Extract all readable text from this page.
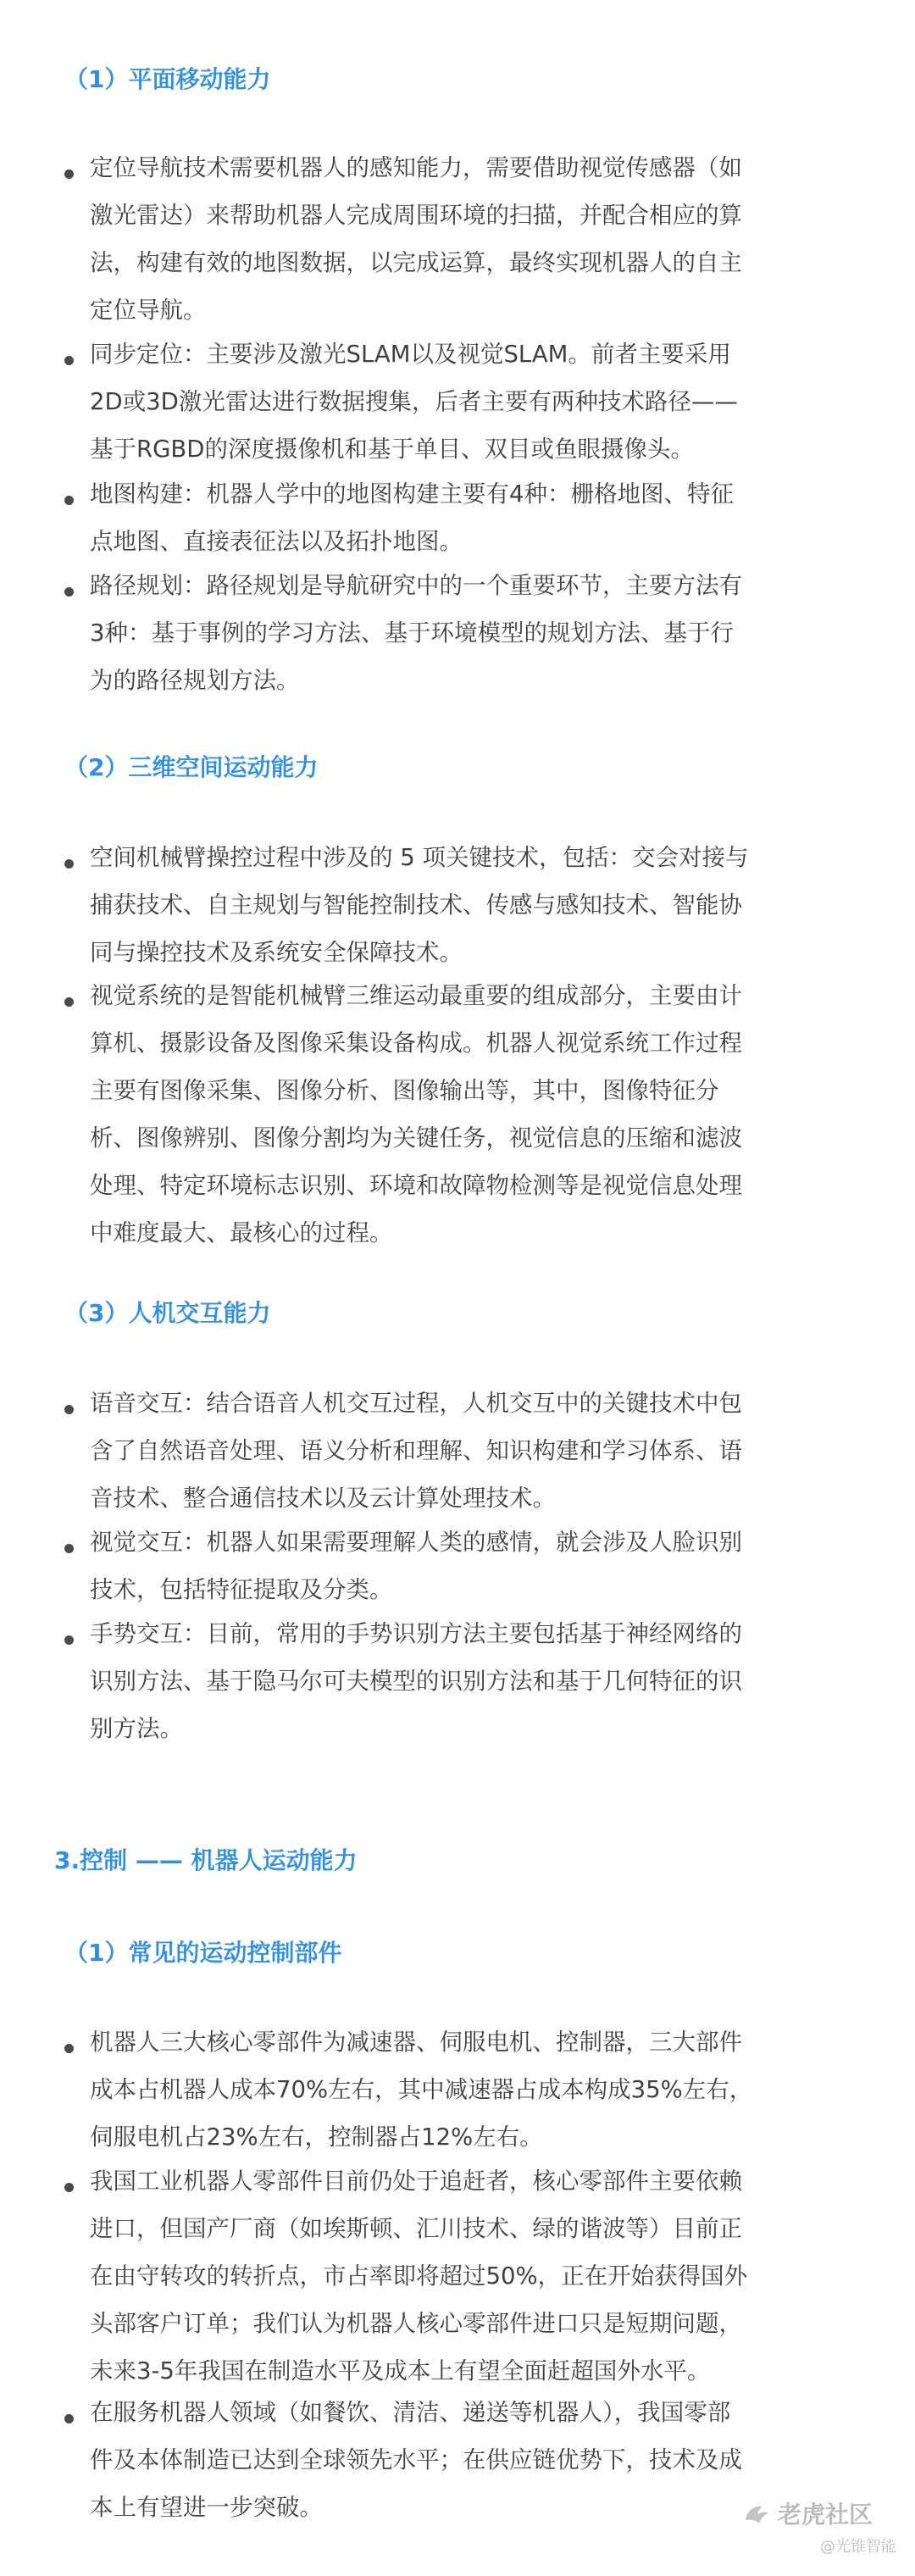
（1）平面移动能力
定位导航技术需要机器人的感知能力，需要借助视觉传感器（如
激光雷达）来帮助机器人完成周围环境的扫描，并配合相应的算
法，构建有效的地图数据，以完成运算，最终实现机器人的自主
定位导航。
同步定位：主要涉及激光SLAM以及视觉SLAM。前者主要采用
2D或3D激光雷达进行数据搜集，后者主要有两种技术路径——
基于RGBD的深度摄像机和基于单目、双目或鱼眼摄像头。
地图构建：机器人学中的地图构建主要有4种：栅格地图、特征
点地图、直接表征法以及拓扑地图。
路径规划：路径规划是导航研究中的一个重要环节，主要方法有
3种：基于事例的学习方法、基于环境模型的规划方法、基于行
为的路径规划方法。
（2）三维空间运动能力
空间机械臂操控过程中涉及的 5 项关键技术，包括：交会对接与
捕获技术、自主规划与智能控制技术、传感与感知技术、智能协
同与操控技术及系统安全保障技术。
视觉系统的是智能机械臂三维运动最重要的组成部分，主要由计
算机、摄影设备及图像采集设备构成。机器人视觉系统工作过程
主要有图像采集、图像分析、图像输出等，其中，图像特征分
析、图像辨别、图像分割均为关键任务，视觉信息的压缩和滤波
处理、特定环境标志识别、环境和故障物检测等是视觉信息处理
中难度最大、最核心的过程。
（3）人机交互能力
语音交互：结合语音人机交互过程，人机交互中的关键技术中包
含了自然语音处理、语义分析和理解、知识构建和学习体系、语
音技术、整合通信技术以及云计算处理技术。
视觉交互：机器人如果需要理解人类的感情，就会涉及人脸识别
技术，包括特征提取及分类。
手势交互：目前，常用的手势识别方法主要包括基于神经网络的
识别方法、基于隐马尔可夫模型的识别方法和基于几何特征的识
别方法。
3.控制 —— 机器人运动能力
（1）常见的运动控制部件
机器人三大核心零部件为减速器、伺服电机、控制器，三大部件
成本占机器人成本70%左右，其中减速器占成本构成35%左右，
伺服电机占23%左右，控制器占12%左右。
我国工业机器人零部件目前仍处于追赶者，核心零部件主要依赖
进口，但国产厂商（如埃斯顿、汇川技术、绿的谐波等）目前正
在由守转攻的转折点，市占率即将超过50%，正在开始获得国外
头部客户订单；我们认为机器人核心零部件进口只是短期问题，
未来3-5年我国在制造水平及成本上有望全面赶超国外水平。
在服务机器人领域（如餐饮、清洁、递送等机器人），我国零部
件及本体制造已达到全球领先水平；在供应链优势下，技术及成
本上有望进一步突破。	老虎社区
@光锥智能
